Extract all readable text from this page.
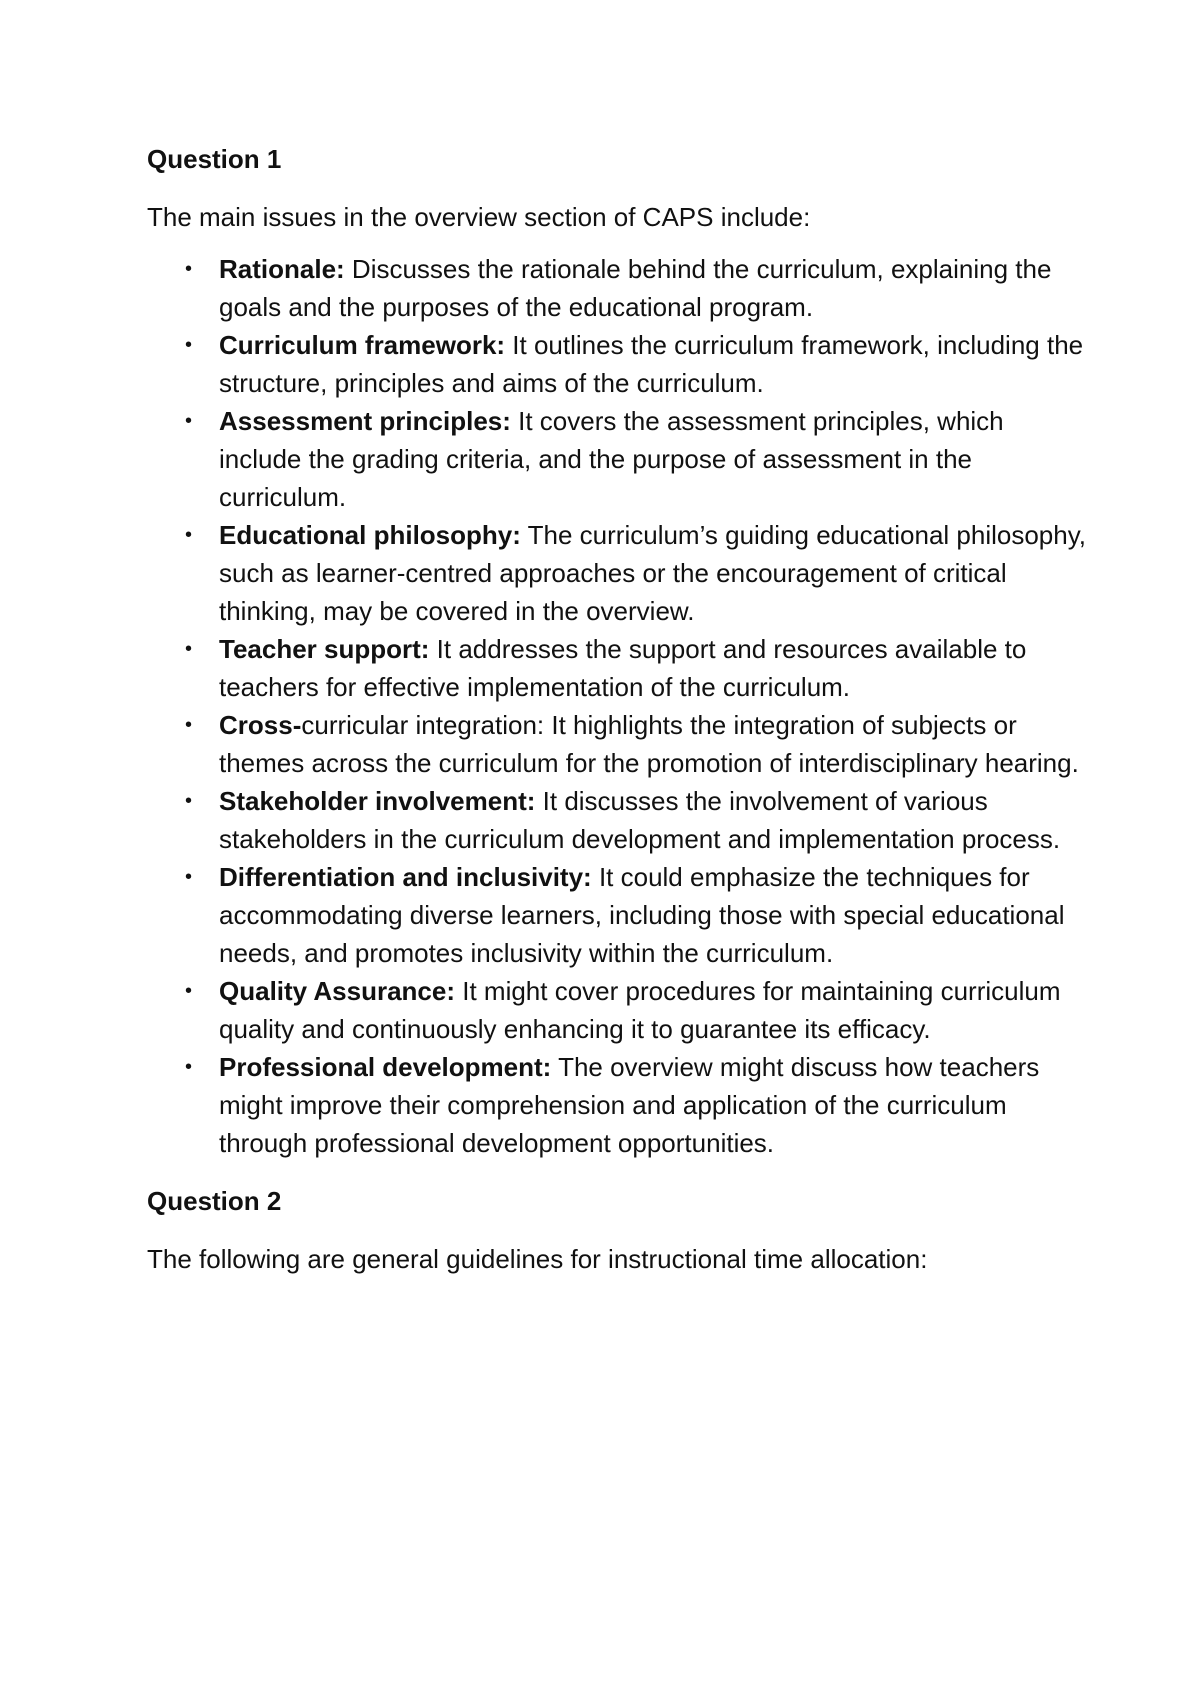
Question 1
The main issues in the overview section of CAPS include:
• Rationale: Discusses the rationale behind the curriculum, explaining the goals and the purposes of the educational program.
• Curriculum framework: It outlines the curriculum framework, including the structure, principles and aims of the curriculum.
• Assessment principles: It covers the assessment principles, which include the grading criteria, and the purpose of assessment in the curriculum.
• Educational philosophy: The curriculum’s guiding educational philosophy, such as learner-centred approaches or the encouragement of critical thinking, may be covered in the overview.
• Teacher support: It addresses the support and resources available to teachers for effective implementation of the curriculum.
• Cross-curricular integration: It highlights the integration of subjects or themes across the curriculum for the promotion of interdisciplinary hearing.
• Stakeholder involvement: It discusses the involvement of various stakeholders in the curriculum development and implementation process.
• Differentiation and inclusivity: It could emphasize the techniques for accommodating diverse learners, including those with special educational needs, and promotes inclusivity within the curriculum.
• Quality Assurance: It might cover procedures for maintaining curriculum quality and continuously enhancing it to guarantee its efficacy.
• Professional development: The overview might discuss how teachers might improve their comprehension and application of the curriculum through professional development opportunities.
Question 2
The following are general guidelines for instructional time allocation:
